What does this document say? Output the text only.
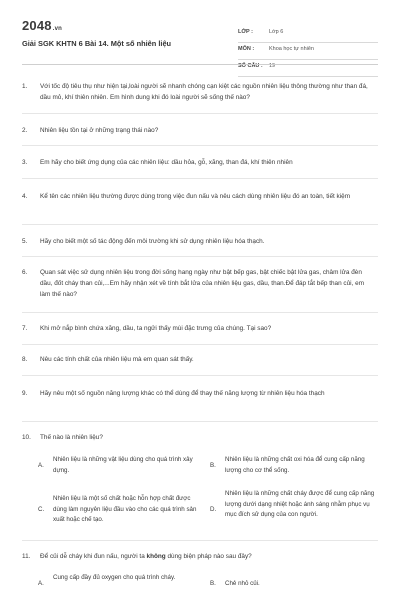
2048.vn
Giải SGK KHTN 6 Bài 14. Một số nhiên liệu
LỚP :	Lớp 6
MÔN :	Khoa học tự nhiên
SỐ CÂU : 19
1. Với tốc độ tiêu thụ như hiện tại,loài người sẽ nhanh chóng cạn kiệt các nguồn nhiên liệu thông thường như than đá, dầu mỏ, khí thiên nhiên. Em hình dung khi đó loài người sẽ sống thế nào?
2. Nhiên liệu tồn tại ở những trạng thái nào?
3. Em hãy cho biết ứng dụng của các nhiên liệu: dầu hỏa, gỗ, xăng, than đá, khí thiên nhiên
4. Kể tên các nhiên liệu thường được dùng trong việc đun nấu và nêu cách dùng nhiên liệu đó an toàn, tiết kiệm
5. Hãy cho biết một số tác động đến môi trường khi sử dụng nhiên liệu hóa thạch.
6. Quan sát việc sử dụng nhiên liệu trong đời sống hang ngày như bật bếp gas, bật chiếc bật lửa gas, châm lửa đèn dầu, đốt cháy than củi,...Em hãy nhận xét về tính bắt lửa của nhiên liệu gas, dầu, than.Để đáp tắt bếp than củi, em làm thế nào?
7. Khi mở nắp bình chứa xăng, dầu, ta ngửi thấy mùi đặc trưng của chúng. Tại sao?
8. Nêu các tính chất của nhiên liệu mà em quan sát thấy.
9. Hãy nêu một số nguồn năng lượng khác có thể dùng để thay thế năng lượng từ nhiên liệu hóa thạch
10. Thế nào là nhiên liệu?
A.
Nhiên liệu là những vật liệu dùng cho quá trình xây dựng.
B.
Nhiên liệu là những chất oxi hóa để cung cấp năng lượng cho cơ thể sống.
C.
Nhiên liệu là một số chất hoặc hỗn hợp chất được dùng làm nguyên liệu đầu vào cho các quá trình sản xuất hoặc chế tạo.
D.
Nhiên liệu là những chất cháy được để cung cấp năng lượng dưới dạng nhiệt hoặc ánh sáng nhằm phục vụ mục đích sử dụng của con người.
11. Để củi dễ cháy khi đun nấu, người ta không dùng biện pháp nào sau đây?
A.
Cung cấp đầy đủ oxygen cho quá trình cháy.
B. Chẻ nhỏ củi.
